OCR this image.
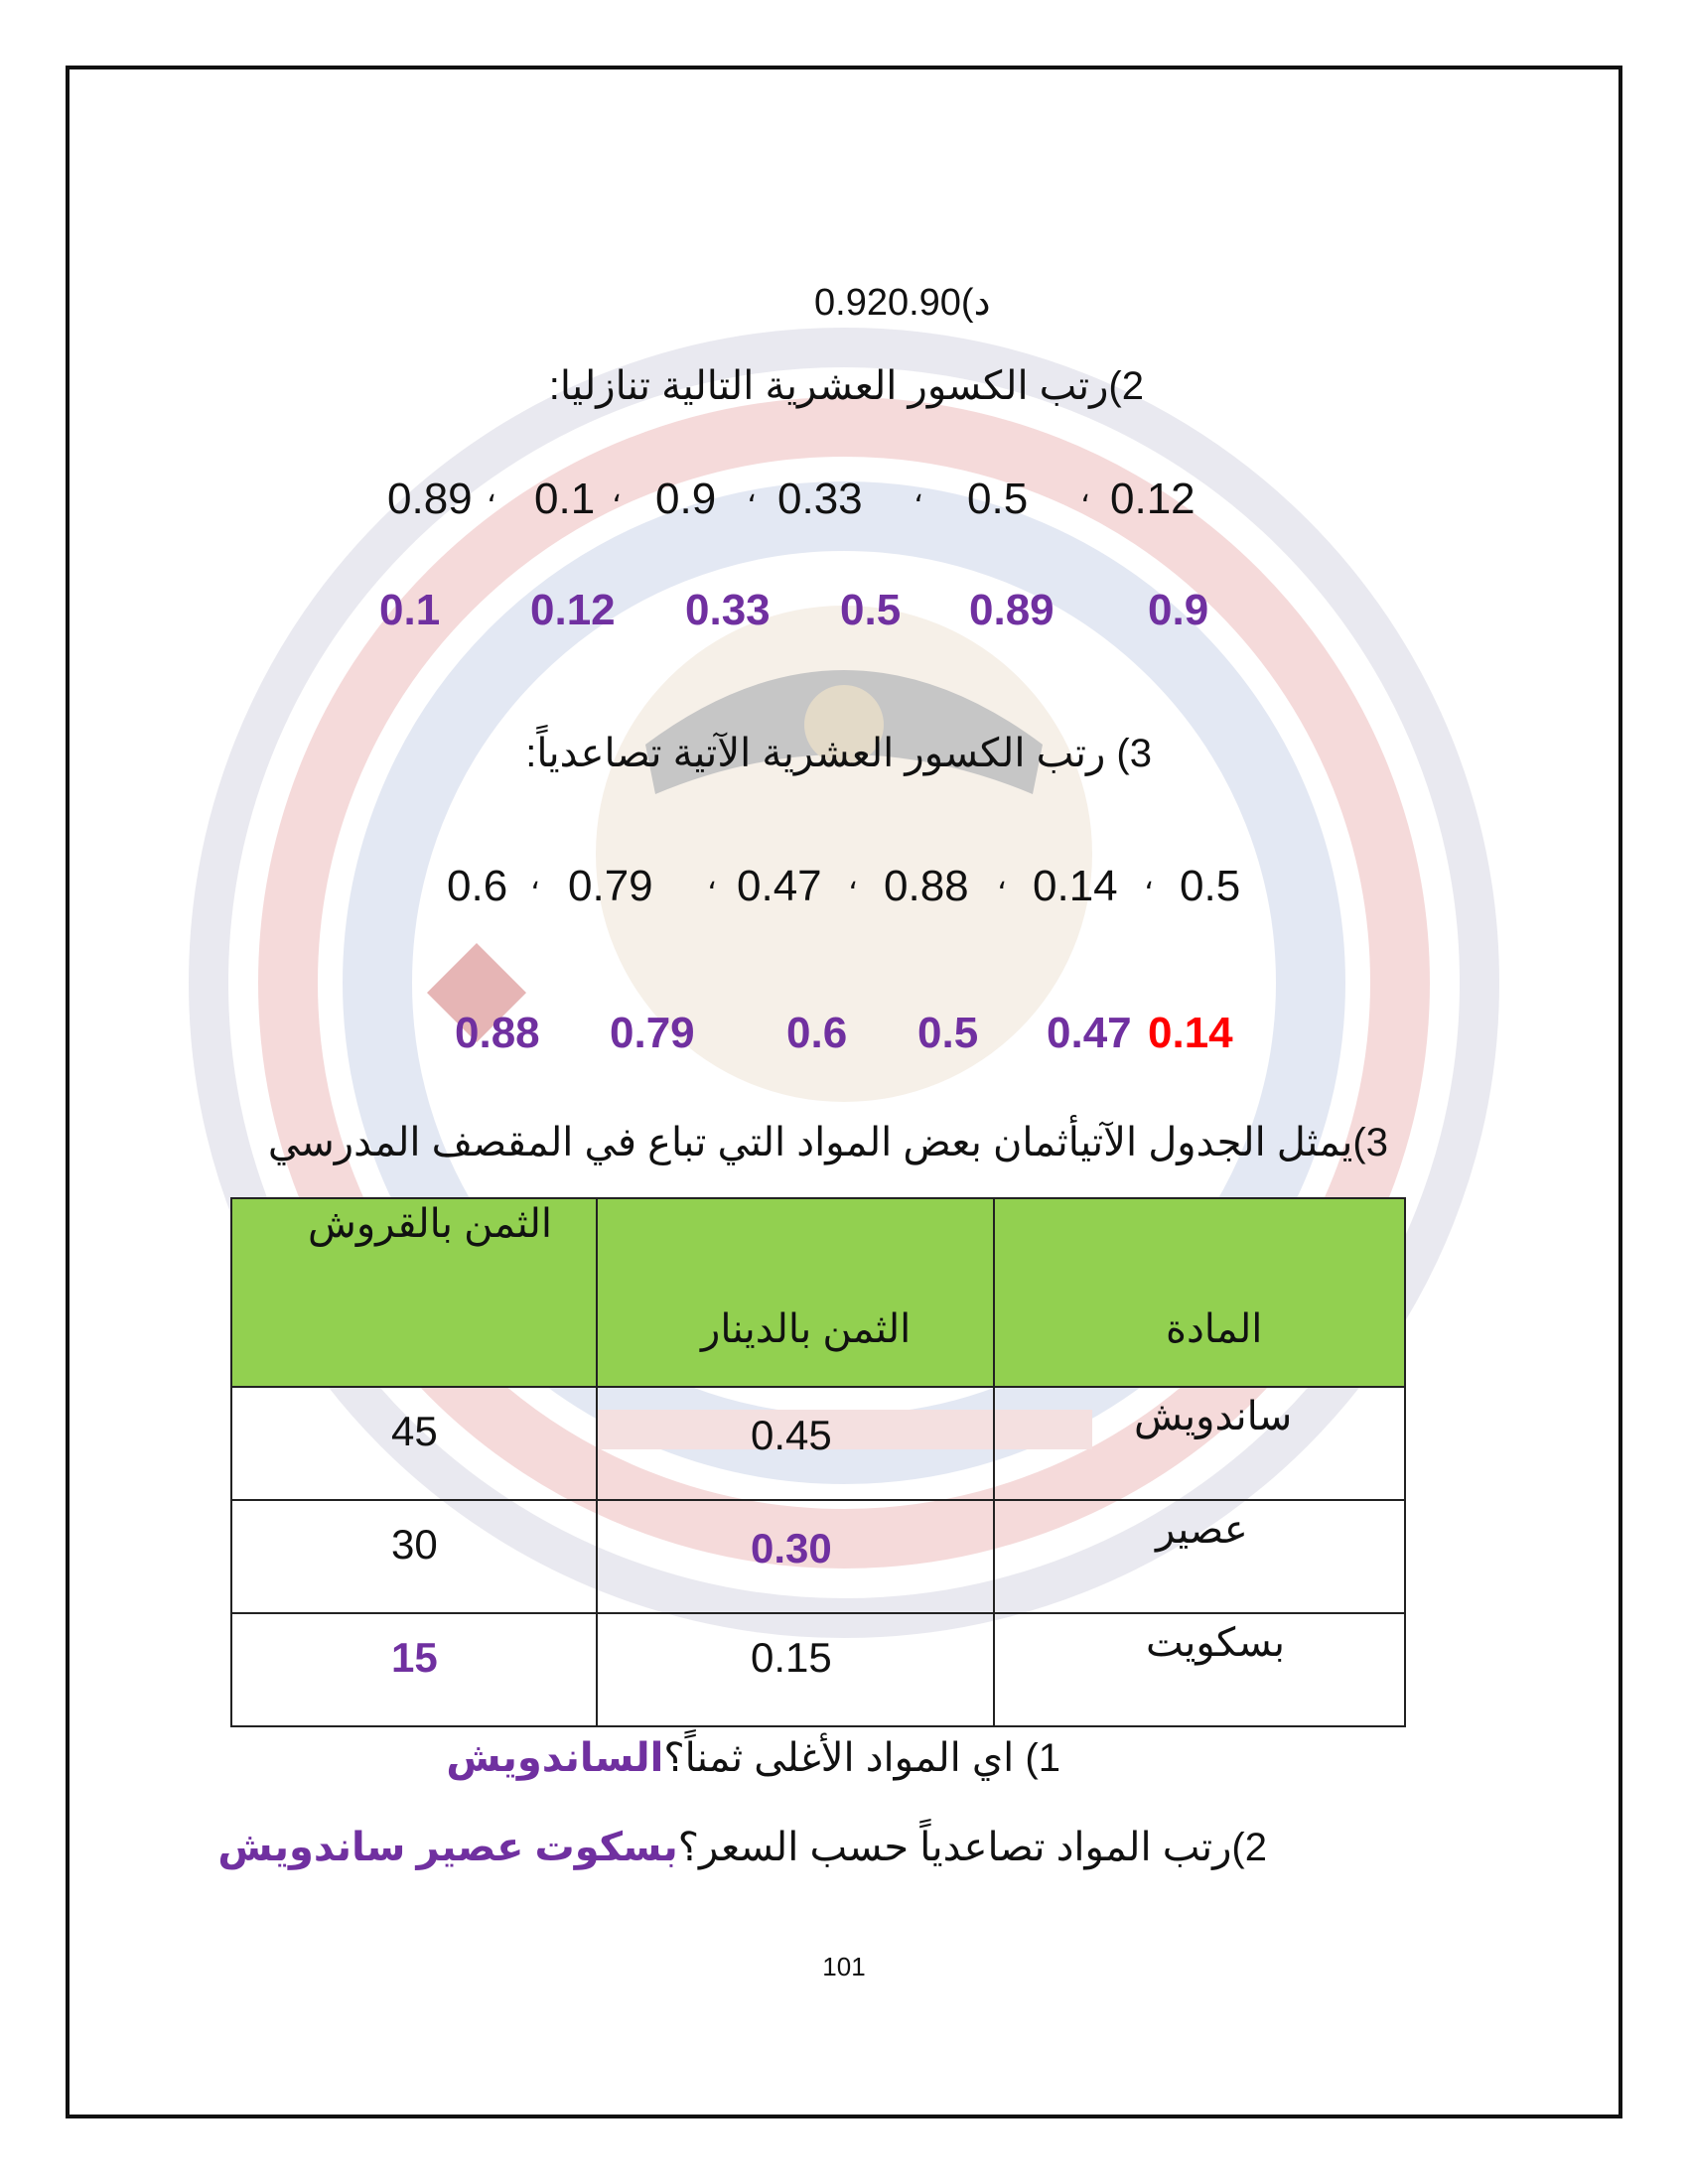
د)0.920.90
2)رتب الكسور العشرية التالية تنازليا:
0.89 ، 0.1 ، 0.9 ، 0.33 ، 0.5 ، 0.12
0.1 0.12 0.33 0.5 0.89 0.9
3) رتب الكسور العشرية الآتية تصاعدياً:
0.6 ، 0.79 ، 0.47 ، 0.88 ، 0.14 ، 0.5
0.88 0.79 0.6 0.5 0.47 0.14
3)يمثل الجدول الآتيأثمان بعض المواد التي تباع في المقصف المدرسي
الثمن بالقروش	الثمن بالدينار	المادة

45	0.45	ساندويش

30	0.30	عصير

15	0.15	بسكويت
1) اي المواد الأغلى ثمناً؟الساندويش
2)رتب المواد تصاعدياً حسب السعر؟بسكوت عصير ساندويش
101
